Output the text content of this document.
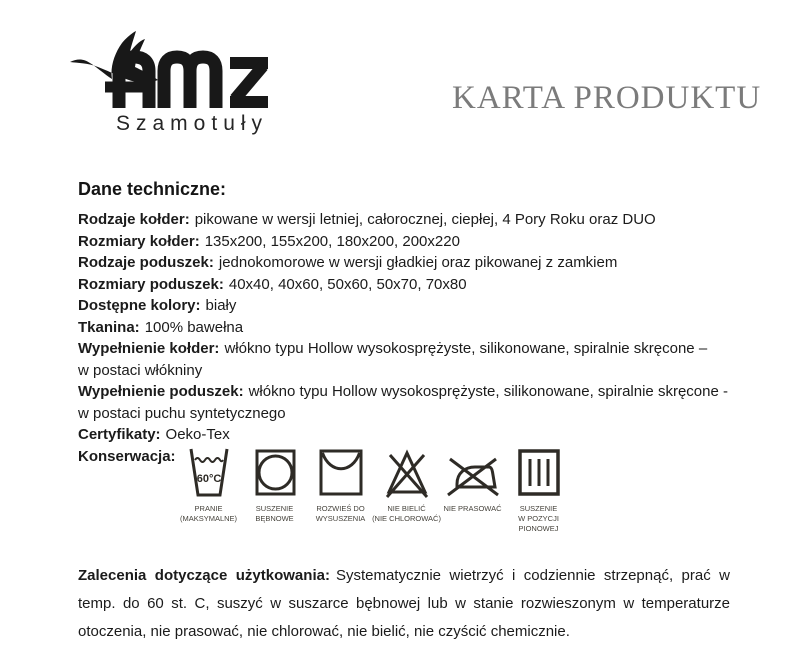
Szamotuły
KARTA PRODUKTU
Dane techniczne:
Rodzaje kołder: pikowane w wersji letniej, całorocznej, ciepłej, 4 Pory Roku oraz DUO
Rozmiary kołder: 135x200, 155x200, 180x200, 200x220
Rodzaje poduszek: jednokomorowe w wersji gładkiej oraz pikowanej z zamkiem
Rozmiary poduszek: 40x40, 40x60, 50x60, 50x70, 70x80
Dostępne kolory: biały
Tkanina: 100% bawełna
Wypełnienie kołder: włókno typu Hollow wysokosprężyste, silikonowane, spiralnie skręcone –
w postaci włókniny
Wypełnienie poduszek: włókno typu Hollow wysokosprężyste, silikonowane, spiralnie skręcone -
w postaci puchu syntetycznego
Certyfikaty: Oeko-Tex
Konserwacja:
60°C
PRANIE
(MAKSYMALNE)
SUSZENIE
BĘBNOWE
ROZWIEŚ DO
WYSUSZENIA
NIE BIELIĆ
(NIE CHLOROWAĆ)
NIE PRASOWAĆ SUSZENIE
W POZYCJI
PIONOWEJ
Zalecenia dotyczące użytkowania: Systematycznie wietrzyć i codziennie strzepnąć, prać w temp. do 60 st. C, suszyć w suszarce bębnowej lub w stanie rozwieszonym w temperaturze otoczenia, nie prasować, nie chlorować, nie bielić, nie czyścić chemicznie.
